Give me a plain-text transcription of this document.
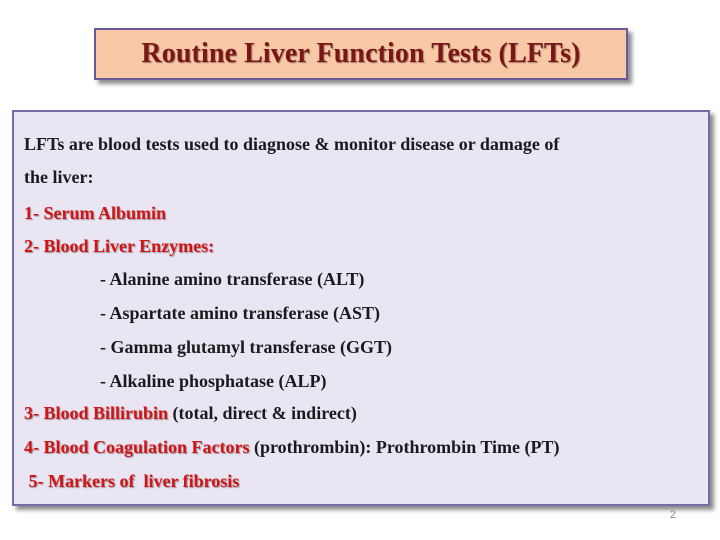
Routine Liver Function Tests (LFTs)
LFTs are blood tests used to diagnose & monitor disease or damage of
the liver:
1- Serum Albumin
2- Blood Liver Enzymes:
- Alanine amino transferase (ALT)
- Aspartate amino transferase (AST)
- Gamma glutamyl transferase (GGT)
- Alkaline phosphatase (ALP)
3- Blood Billirubin (total, direct & indirect)
4- Blood Coagulation Factors (prothrombin): Prothrombin Time (PT)
5- Markers of  liver fibrosis
2
